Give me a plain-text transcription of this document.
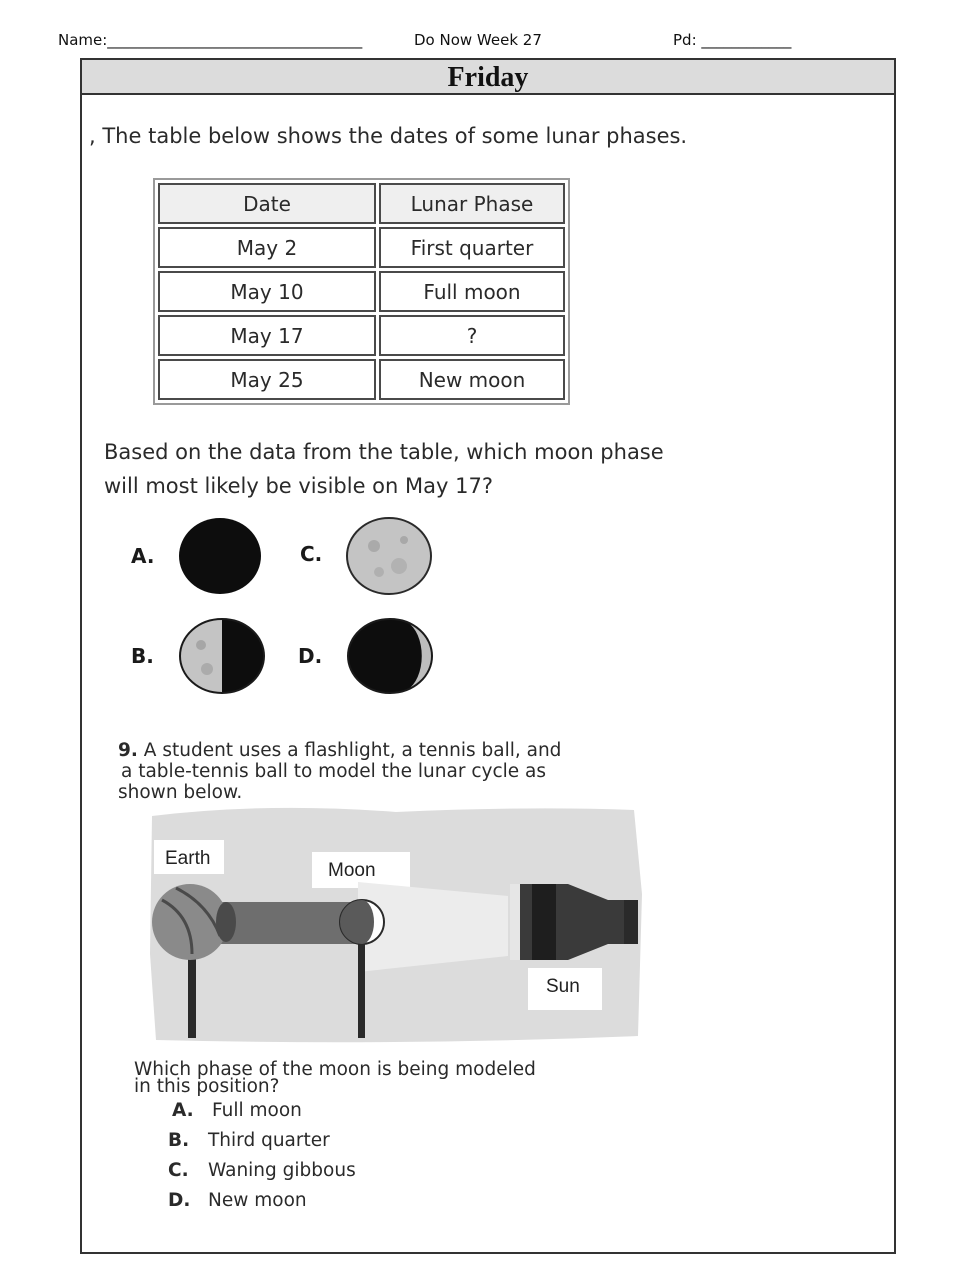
Name:__________________________________	Do Now Week 27	Pd: ____________
Friday
, The table below shows the dates of some lunar phases.
Date	Lunar Phase
May 2	First quarter
May 10	Full moon
May 17	?
May 25	New moon
Based on the data from the table, which moon phase
will most likely be visible on May 17?
A.	C.
B.	D.
9. A student uses a flashlight, a tennis ball, and
a table-tennis ball to model the lunar cycle as
shown below.
Earth
Moon
Sun
Which phase of the moon is being modeled
in this position?
A. Full moon
B. Third quarter
C. Waning gibbous
D. New moon
